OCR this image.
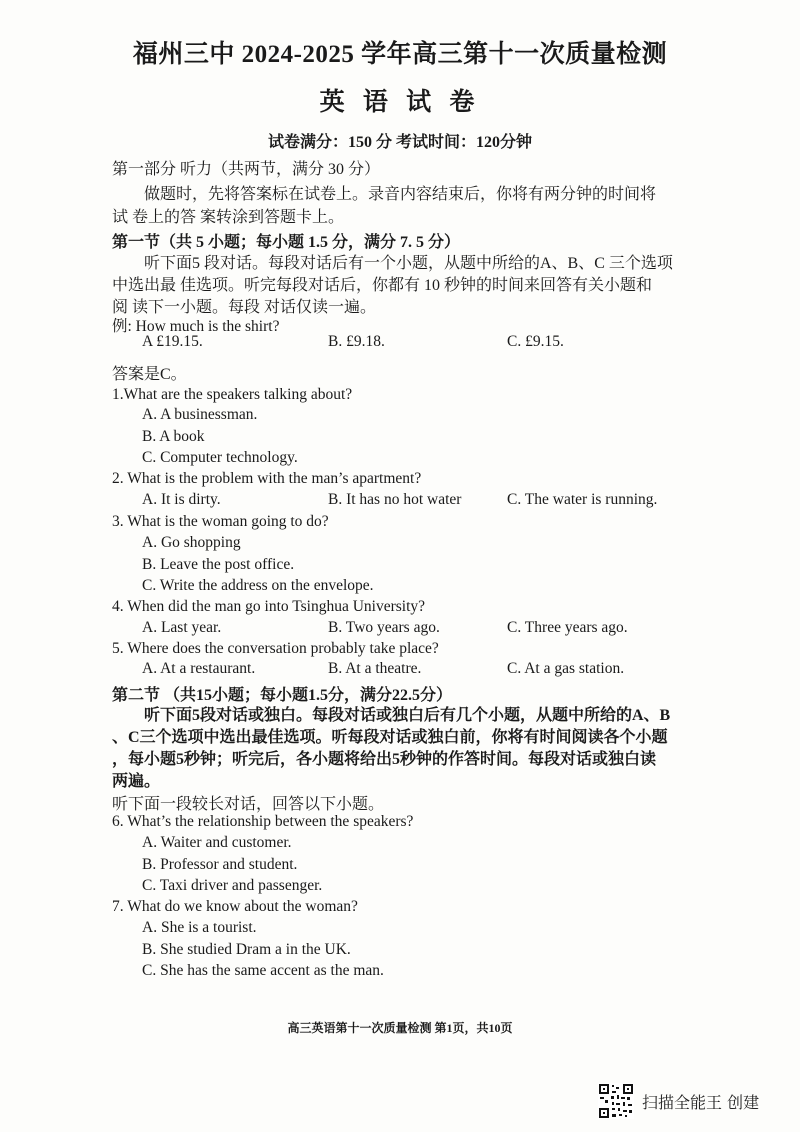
福州三中 2024-2025 学年高三第十一次质量检测
英 语 试 卷
试卷满分：150 分 考试时间：120分钟
第一部分 听力（共两节，满分 30 分）
做题时，先将答案标在试卷上。录音内容结束后，你将有两分钟的时间将
试 卷上的答 案转涂到答题卡上。
第一节（共 5 小题；每小题 1.5 分，满分 7. 5 分）
听下面5 段对话。每段对话后有一个小题，从题中所给的A、B、C 三个选项
中选出最 佳选项。听完每段对话后，你都有 10 秒钟的时间来回答有关小题和
阅 读下一小题。每段 对话仅读一遍。
例: How much is the shirt?
A £19.15.	B. £9.18.	C. £9.15.
答案是C。
1.What are the speakers talking about?
A. A businessman.
B. A book
C. Computer technology.
2. What is the problem with the man’s apartment?
A. It is dirty.	B. It has no hot water	C. The water is running.
3. What is the woman going to do?
A. Go shopping
B. Leave the post office.
C. Write the address on the envelope.
4. When did the man go into Tsinghua University?
A. Last year.	B. Two years ago.	C. Three years ago.
5. Where does the conversation probably take place?
A. At a restaurant.	B. At a theatre.	C. At a gas station.
第二节 （共15小题；每小题1.5分，满分22.5分）
听下面5段对话或独白。每段对话或独白后有几个小题，从题中所给的A、B
、C三个选项中选出最佳选项。听每段对话或独白前，你将有时间阅读各个小题
，每小题5秒钟；听完后，各小题将给出5秒钟的作答时间。每段对话或独白读
两遍。
听下面一段较长对话，回答以下小题。
6. What’s the relationship between the speakers?
A. Waiter and customer.
B. Professor and student.
C. Taxi driver and passenger.
7. What do we know about the woman?
A. She is a tourist.
B. She studied Dram a in the UK.
C. She has the same accent as the man.
高三英语第十一次质量检测 第1页，共10页
扫描全能王 创建
